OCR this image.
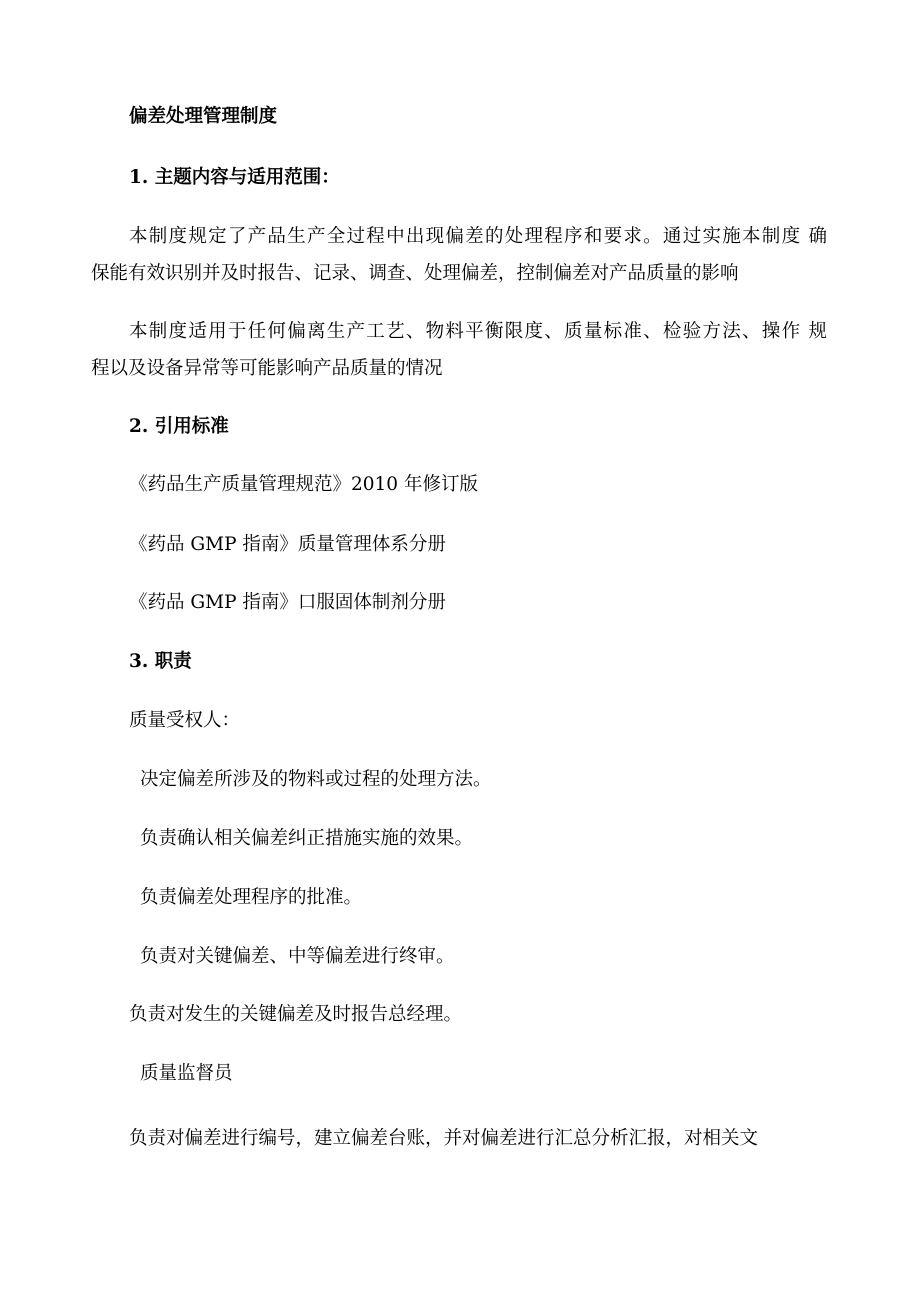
偏差处理管理制度
1. 主题内容与适用范围：
本制度规定了产品生产全过程中出现偏差的处理程序和要求。通过实施本制度 确
保能有效识别并及时报告、记录、调查、处理偏差，控制偏差对产品质量的影响
本制度适用于任何偏离生产工艺、物料平衡限度、质量标准、检验方法、操作 规
程以及设备异常等可能影响产品质量的情况
2. 引用标准
《药品生产质量管理规范》2010 年修订版
《药品 GMP 指南》质量管理体系分册
《药品 GMP 指南》口服固体制剂分册
3. 职责
质量受权人：
决定偏差所涉及的物料或过程的处理方法。
负责确认相关偏差纠正措施实施的效果。
负责偏差处理程序的批准。
负责对关键偏差、中等偏差进行终审。
负责对发生的关键偏差及时报告总经理。
质量监督员
负责对偏差进行编号，建立偏差台账，并对偏差进行汇总分析汇报，对相关文
